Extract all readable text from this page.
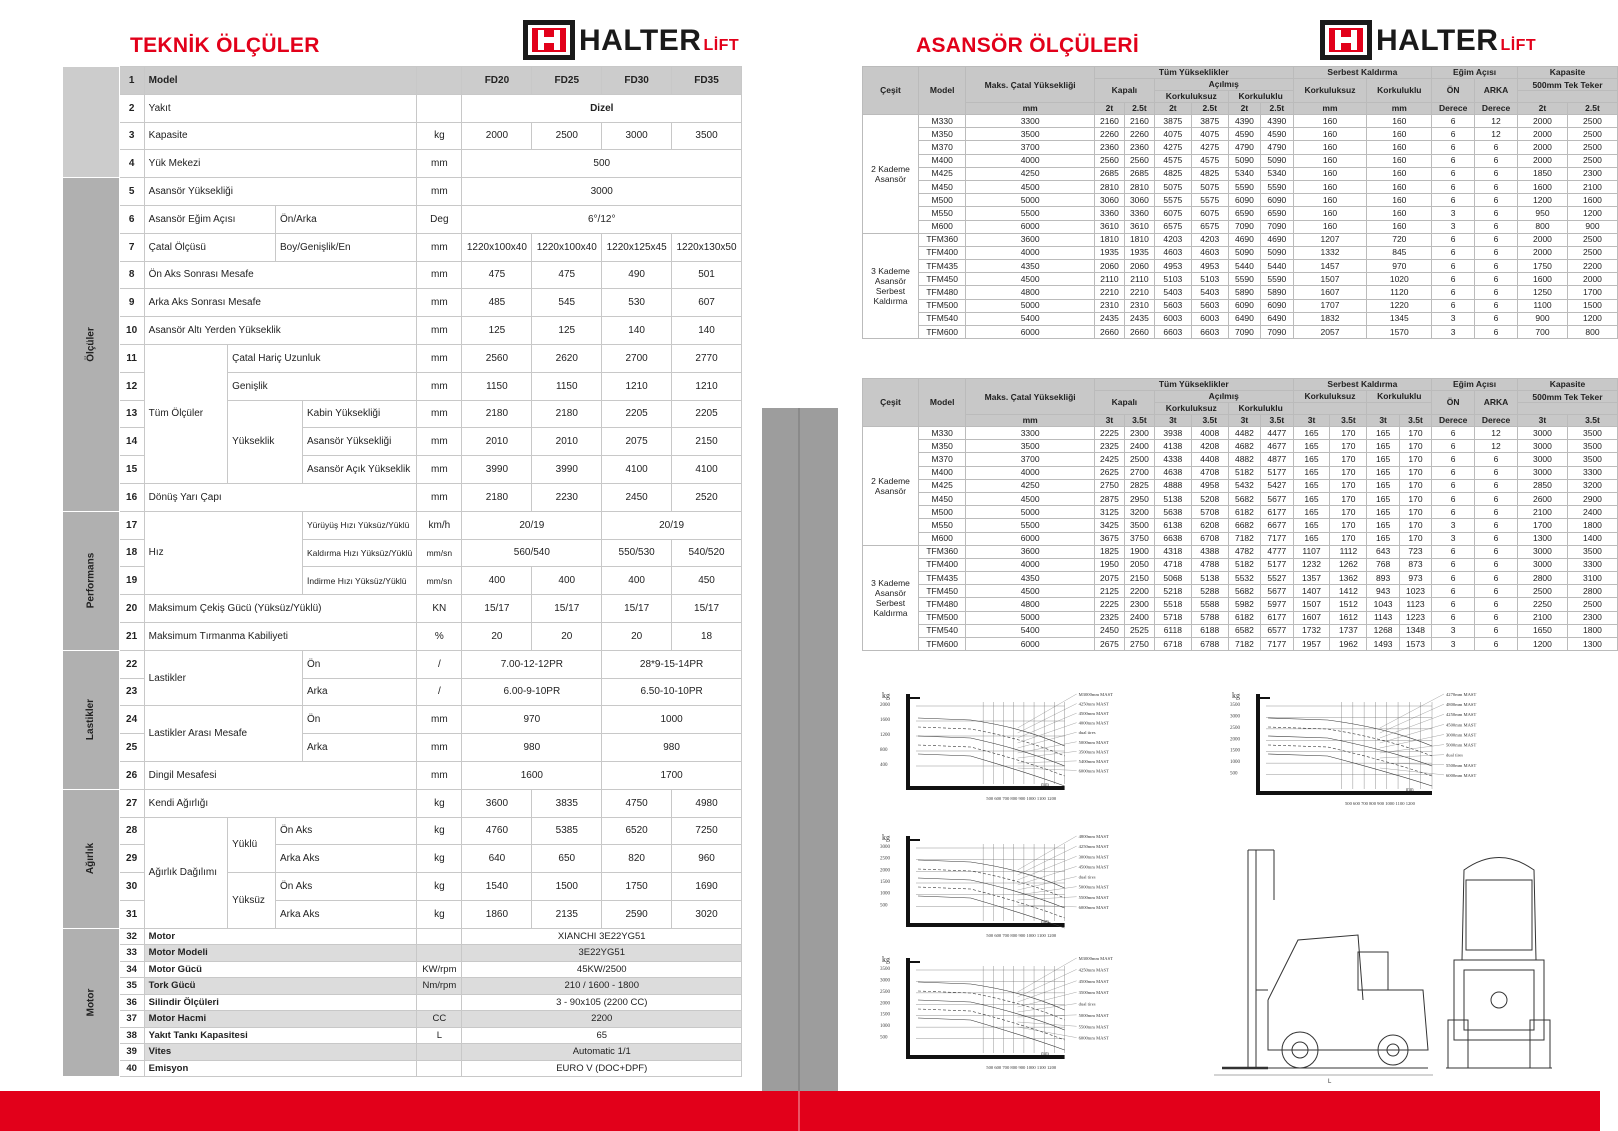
TEKNİK ÖLÇÜLER	ASANSÖR ÖLÇÜLERİ
HALTER LİFT	HALTER LİFT
	1	Model					FD20	FD25	FD30	FD35
	2	Yakıt					Dizel			
	3	Kapasite				kg	2000	2500	3000	3500
	4	Yük Mekezi				mm	500			
Ölçüler	5	Asansör Yüksekliği				mm	3000			
	6	Asansör Eğim Açısı		Ön/Arka		Deg	6°/12°			
	7	Çatal Ölçüsü		Boy/Genişlik/En		mm	1220x100x40	1220x100x40	1220x125x45	1220x130x50
	8	Ön Aks Sonrası Mesafe				mm	475	475	490	501
	9	Arka Aks Sonrası Mesafe				mm	485	545	530	607
	10	Asansör Altı Yerden Yükseklik				mm	125	125	140	140
	11	Tüm Ölçüler	Çatal Hariç Uzunluk			mm	2560	2620	2700	2770
	12		Genişlik			mm	1150	1150	1210	1210
	13		Yükseklik		Kabin Yüksekliği	mm	2180	2180	2205	2205
	14				Asansör Yüksekliği	mm	2010	2010	2075	2150
	15				Asansör Açık Yükseklik	mm	3990	3990	4100	4100
	16	Dönüş Yarı Çapı				mm	2180	2230	2450	2520
Performans	17	Hız			Yürüyüş Hızı Yüksüz/Yüklü	km/h	20/19		20/19	
	18				Kaldırma Hızı Yüksüz/Yüklü	mm/sn	560/540		550/530	540/520
	19				İndirme Hızı Yüksüz/Yüklü	mm/sn	400	400	400	450
	20	Maksimum Çekiş Gücü (Yüksüz/Yüklü)				KN	15/17	15/17	15/17	15/17
	21	Maksimum Tırmanma Kabiliyeti				%	20	20	20	18
Lastikler	22	Lastikler			Ön	/	7.00-12-12PR		28*9-15-14PR	
	23				Arka	/	6.00-9-10PR		6.50-10-10PR	
	24	Lastikler Arası Mesafe			Ön	mm	970		1000	
	25				Arka	mm	980		980	
	26	Dingil Mesafesi				mm	1600		1700	
Ağırlık	27	Kendi Ağırlığı				kg	3600	3835	4750	4980
	28	Ağırlık Dağılımı	Yüklü	Ön Aks		kg	4760	5385	6520	7250
	29			Arka Aks		kg	640	650	820	960
	30		Yüksüz	Ön Aks		kg	1540	1500	1750	1690
	31			Arka Aks		kg	1860	2135	2590	3020
Motor	32	Motor					XIANCHI 3E22YG51			
	33	Motor Modeli					3E22YG51			
	34	Motor Gücü				KW/rpm	45KW/2500			
	35	Tork Gücü				Nm/rpm	210 / 1600 - 1800			
	36	Silindir Ölçüleri					3 - 90x105 (2200 CC)			
	37	Motor Hacmi				CC	2200			
	38	Yakıt Tankı Kapasitesi				L	65			
	39	Vites					Automatic 1/1			
	40	Emisyon					EURO V (DOC+DPF)			
Çeşit	Model	Maks. Çatal Yüksekliği	Tüm Yükseklikler						Serbest Kaldırma		Eğim Açısı		Kapasite	
			Kapalı		Açılmış				Korkuluksuz	Korkuluklu	ÖN	ARKA	500mm Tek Teker	
					Korkuluksuz		Korkuluklu							
		mm	2t	2.5t	2t	2.5t	2t	2.5t	mm	mm	Derece	Derece	2t	2.5t
2 Kademe Asansör	M330	3300	2160	2160	3875	3875	4390	4390	160	160	6	12	2000	2500
	M350	3500	2260	2260	4075	4075	4590	4590	160	160	6	12	2000	2500
	M370	3700	2360	2360	4275	4275	4790	4790	160	160	6	6	2000	2500
	M400	4000	2560	2560	4575	4575	5090	5090	160	160	6	6	2000	2500
	M425	4250	2685	2685	4825	4825	5340	5340	160	160	6	6	1850	2300
	M450	4500	2810	2810	5075	5075	5590	5590	160	160	6	6	1600	2100
	M500	5000	3060	3060	5575	5575	6090	6090	160	160	6	6	1200	1600
	M550	5500	3360	3360	6075	6075	6590	6590	160	160	3	6	950	1200
	M600	6000	3610	3610	6575	6575	7090	7090	160	160	3	6	800	900
3 Kademe Asansör Serbest Kaldırma	TFM360	3600	1810	1810	4203	4203	4690	4690	1207	720	6	6	2000	2500
	TFM400	4000	1935	1935	4603	4603	5090	5090	1332	845	6	6	2000	2500
	TFM435	4350	2060	2060	4953	4953	5440	5440	1457	970	6	6	1750	2200
	TFM450	4500	2110	2110	5103	5103	5590	5590	1507	1020	6	6	1600	2000
	TFM480	4800	2210	2210	5403	5403	5890	5890	1607	1120	6	6	1250	1700
	TFM500	5000	2310	2310	5603	5603	6090	6090	1707	1220	6	6	1100	1500
	TFM540	5400	2435	2435	6003	6003	6490	6490	1832	1345	3	6	900	1200
	TFM600	6000	2660	2660	6603	6603	7090	7090	2057	1570	3	6	700	800
Çeşit	Model	Maks. Çatal Yüksekliği	Tüm Yükseklikler						Serbest Kaldırma				Eğim Açısı		Kapasite	
			Kapalı		Açılmış				Korkuluksuz		Korkuluklu		ÖN	ARKA	500mm Tek Teker	
					Korkuluksuz		Korkuluklu									
		mm	3t	3.5t	3t	3.5t	3t	3.5t	3t	3.5t	3t	3.5t	Derece	Derece	3t	3.5t
2 Kademe Asansör	M330	3300	2225	2300	3938	4008	4482	4477	165	170	165	170	6	12	3000	3500
	M350	3500	2325	2400	4138	4208	4682	4677	165	170	165	170	6	12	3000	3500
	M370	3700	2425	2500	4338	4408	4882	4877	165	170	165	170	6	6	3000	3500
	M400	4000	2625	2700	4638	4708	5182	5177	165	170	165	170	6	6	3000	3300
	M425	4250	2750	2825	4888	4958	5432	5427	165	170	165	170	6	6	2850	3200
	M450	4500	2875	2950	5138	5208	5682	5677	165	170	165	170	6	6	2600	2900
	M500	5000	3125	3200	5638	5708	6182	6177	165	170	165	170	6	6	2100	2400
	M550	5500	3425	3500	6138	6208	6682	6677	165	170	165	170	3	6	1700	1800
	M600	6000	3675	3750	6638	6708	7182	7177	165	170	165	170	3	6	1300	1400
3 Kademe Asansör Serbest Kaldırma	TFM360	3600	1825	1900	4318	4388	4782	4777	1107	1112	643	723	6	6	3000	3500
	TFM400	4000	1950	2050	4718	4788	5182	5177	1232	1262	768	873	6	6	3000	3300
	TFM435	4350	2075	2150	5068	5138	5532	5527	1357	1362	893	973	6	6	2800	3100
	TFM450	4500	2125	2200	5218	5288	5682	5677	1407	1412	943	1023	6	6	2500	2800
	TFM480	4800	2225	2300	5518	5588	5982	5977	1507	1512	1043	1123	6	6	2250	2500
	TFM500	5000	2325	2400	5718	5788	6182	6177	1607	1612	1143	1223	6	6	2100	2300
	TFM540	5400	2450	2525	6118	6188	6582	6577	1732	1737	1268	1348	3	6	1650	1800
	TFM600	6000	2675	2750	6718	6788	7182	7177	1957	1962	1493	1573	3	6	1200	1300
kg
2000
1600
1200
800
400
M3000mm MAST
4250mm MAST
4500mm MAST
4000mm MAST
dual tires
5000mm MAST
3500mm MAST
5400mm MAST
6000mm MAST
500 600 700 800 900 1000 1100 1200
mm
kg
3500
3000
2500
2000
1500
1000
500
4270mm MAST
4800mm MAST
4250mm MAST
4500mm MAST
3000mm MAST
5000mm MAST
dual tires
5500mm MAST
6000mm MAST
500 600 700 800 900 1000 1100 1200
mm
kg
3000
2500
2000
1500
1000
500
4800mm MAST
4250mm MAST
3000mm MAST
4500mm MAST
dual tires
5000mm MAST
5500mm MAST
6000mm MAST
500 600 700 800 900 1000 1100 1200
mm
kg
3500
3000
2500
2000
1500
1000
500
M3000mm MAST
4250mm MAST
4500mm MAST
3500mm MAST
dual tires
5000mm MAST
5500mm MAST
6000mm MAST
500 600 700 800 900 1000 1100 1200
mm
L
